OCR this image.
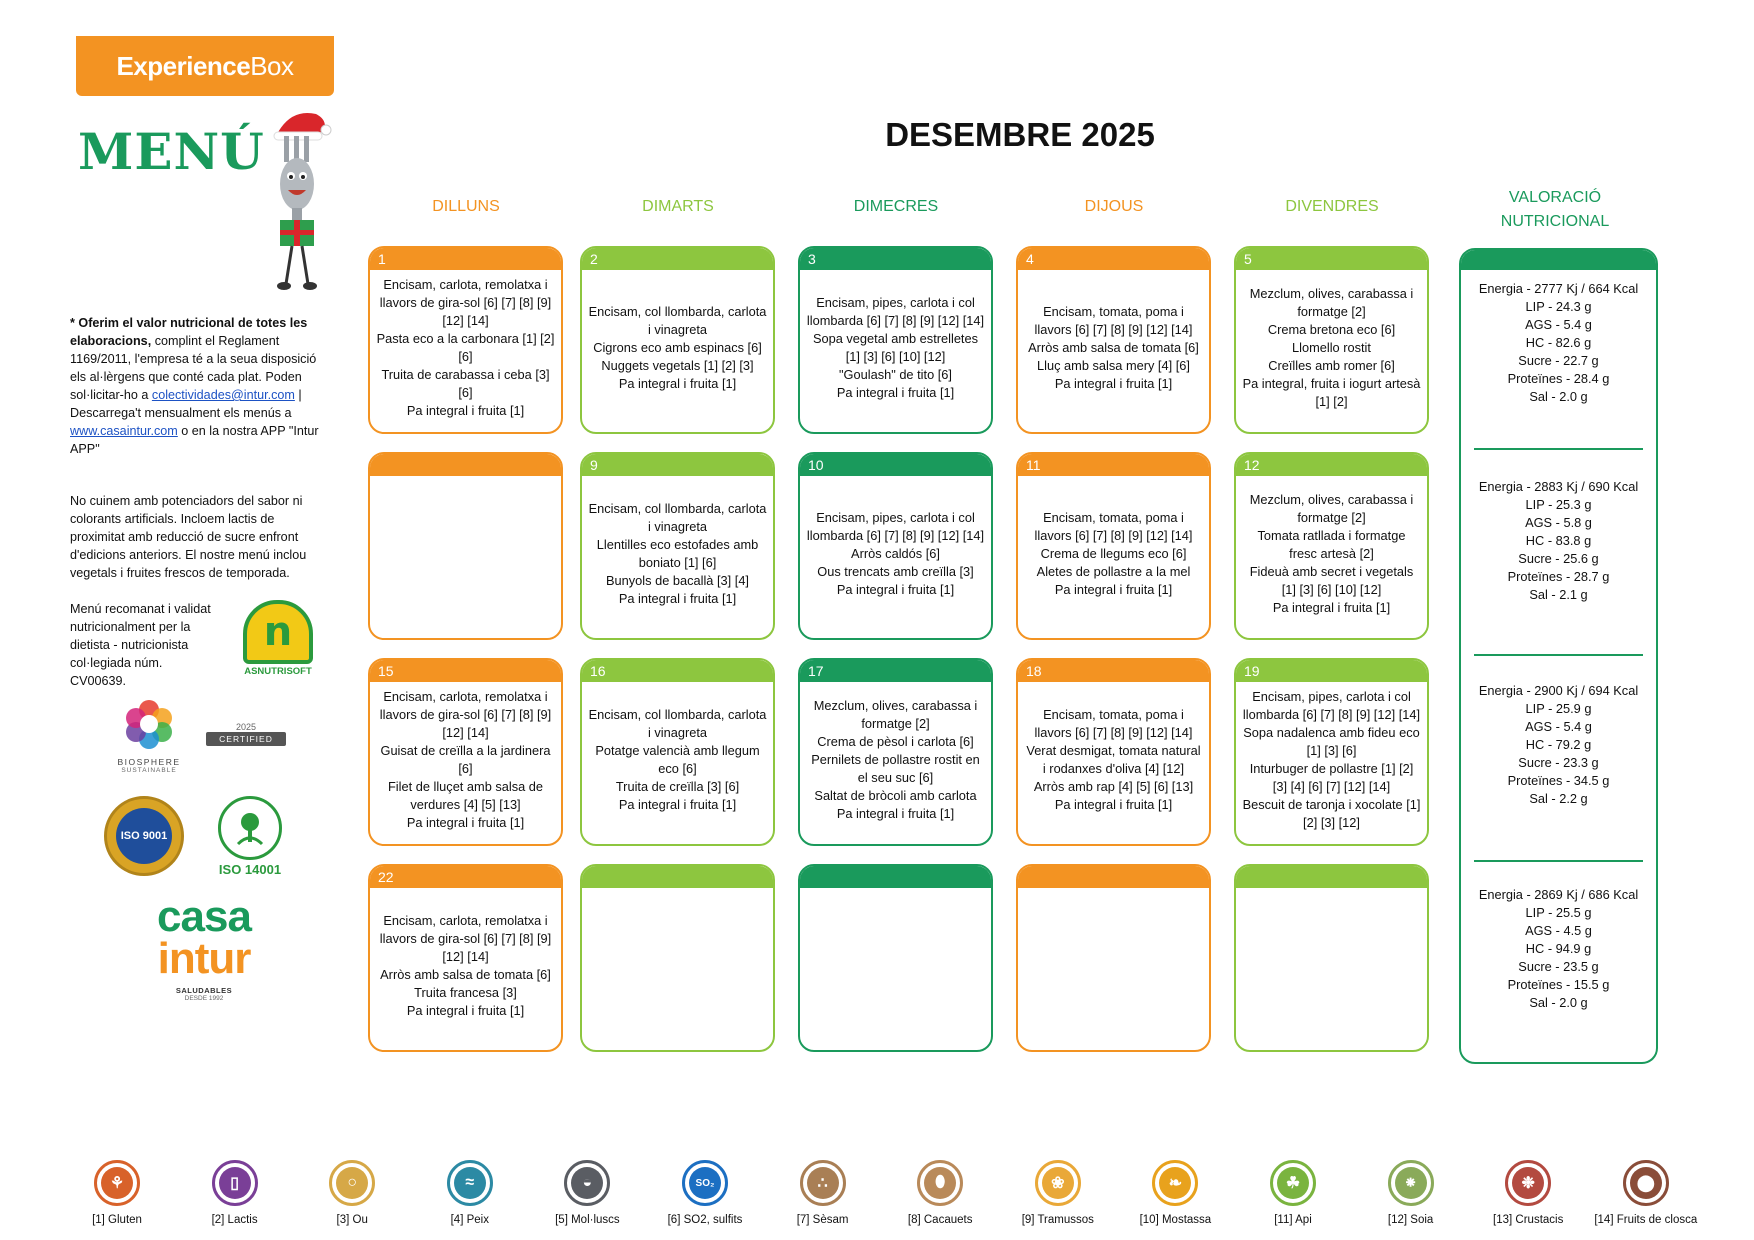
Experience Box
MENÚ

* Oferim el valor nutricional de totes les elaboracions, complint el Reglament 1169/2011, l'empresa té a la seua disposició els al·lèrgens que conté cada plat. Poden sol·licitar-ho a colectividades@intur.com | Descarrega't mensualment els menús a www.casaintur.com o en la nostra APP "Intur APP"

No cuinem amb potenciadors del sabor ni colorants artificials. Incloem lactis de proximitat amb reducció de sucre enfront d'edicions anteriors. El nostre menú inclou vegetals i fruites frescos de temporada.
Menú recomanat i validat nutricionalment per la dietista - nutricionista col·legiada núm. CV00639.
n
ASNUTRISOFT
BIOSPHERE
SUSTAINABLE
2025
CERTIFIED
ISO 9001
ISO 14001
casa
intur
SALUDABLES
DESDE 1992
DESEMBRE 2025
DILLUNS	DIMARTS	DIMECRES	DIJOUS	DIVENDRES
VALORACIÓ
NUTRICIONAL
1
Encisam, carlota, remolatxa i llavors de gira-sol [6] [7] [8] [9] [12] [14]
Pasta eco a la carbonara [1] [2] [6]
Truita de carabassa i ceba [3] [6]
Pa integral i fruita [1]
2
Encisam, col llombarda, carlota i vinagreta
Cigrons eco amb espinacs [6]
Nuggets vegetals [1] [2] [3]
Pa integral i fruita [1]
3
Encisam, pipes, carlota i col llombarda [6] [7] [8] [9] [12] [14]
Sopa vegetal amb estrelletes [1] [3] [6] [10] [12]
"Goulash" de tito [6]
Pa integral i fruita [1]
4
Encisam, tomata, poma i llavors [6] [7] [8] [9] [12] [14]
Arròs amb salsa de tomata [6]
Lluç amb salsa mery [4] [6]
Pa integral i fruita [1]
5
Mezclum, olives, carabassa i formatge [2]
Crema bretona eco [6]
Llomello rostit
Creïlles amb romer [6]
Pa integral, fruita i iogurt artesà [1] [2]
9
Encisam, col llombarda, carlota i vinagreta
Llentilles eco estofades amb boniato [1] [6]
Bunyols de bacallà [3] [4]
Pa integral i fruita [1]
10
Encisam, pipes, carlota i col llombarda [6] [7] [8] [9] [12] [14]
Arròs caldós [6]
Ous trencats amb creïlla [3]
Pa integral i fruita [1]
11
Encisam, tomata, poma i llavors [6] [7] [8] [9] [12] [14]
Crema de llegums eco [6]
Aletes de pollastre a la mel
Pa integral i fruita [1]
12
Mezclum, olives, carabassa i formatge [2]
Tomata ratllada i formatge fresc artesà [2]
Fideuà amb secret i vegetals [1] [3] [6] [10] [12]
Pa integral i fruita [1]
15
Encisam, carlota, remolatxa i llavors de gira-sol [6] [7] [8] [9] [12] [14]
Guisat de creïlla a la jardinera [6]
Filet de lluçet amb salsa de verdures [4] [5] [13]
Pa integral i fruita [1]
16
Encisam, col llombarda, carlota i vinagreta
Potatge valencià amb llegum eco [6]
Truita de creïlla [3] [6]
Pa integral i fruita [1]
17
Mezclum, olives, carabassa i formatge [2]
Crema de pèsol i carlota [6]
Pernilets de pollastre rostit en el seu suc [6]
Saltat de bròcoli amb carlota
Pa integral i fruita [1]
18
Encisam, tomata, poma i llavors [6] [7] [8] [9] [12] [14]
Verat desmigat, tomata natural i rodanxes d'oliva [4] [12]
Arròs amb rap [4] [5] [6] [13]
Pa integral i fruita [1]
19
Encisam, pipes, carlota i col llombarda [6] [7] [8] [9] [12] [14]
Sopa nadalenca amb fideu eco [1] [3] [6]
Inturbuger de pollastre [1] [2] [3] [4] [6] [7] [12] [14]
Bescuit de taronja i xocolate [1] [2] [3] [12]
22
Encisam, carlota, remolatxa i llavors de gira-sol [6] [7] [8] [9] [12] [14]
Arròs amb salsa de tomata [6]
Truita francesa [3]
Pa integral i fruita [1]
Energia - 2777 Kj / 664 Kcal
LIP - 24.3 g
AGS - 5.4 g
HC - 82.6 g
Sucre - 22.7 g
Proteïnes - 28.4 g
Sal - 2.0 g
Energia - 2883 Kj / 690 Kcal
LIP - 25.3 g
AGS - 5.8 g
HC - 83.8 g
Sucre - 25.6 g
Proteïnes - 28.7 g
Sal - 2.1 g
Energia - 2900 Kj / 694 Kcal
LIP - 25.9 g
AGS - 5.4 g
HC - 79.2 g
Sucre - 23.3 g
Proteïnes - 34.5 g
Sal - 2.2 g
Energia - 2869 Kj / 686 Kcal
LIP - 25.5 g
AGS - 4.5 g
HC - 94.9 g
Sucre - 23.5 g
Proteïnes - 15.5 g
Sal - 2.0 g
⚘
[1] Gluten
▯
[2] Lactis
○
[3] Ou
≈
[4] Peix
◒
[5] Mol·luscs
SO₂
[6] SO2, sulfits
∴
[7] Sèsam
⬮
[8] Cacauets
❀
[9] Tramussos
❧
[10] Mostassa
☘
[11] Api
⁕
[12] Soia
❉
[13] Crustacis
⬤
[14] Fruits de closca
